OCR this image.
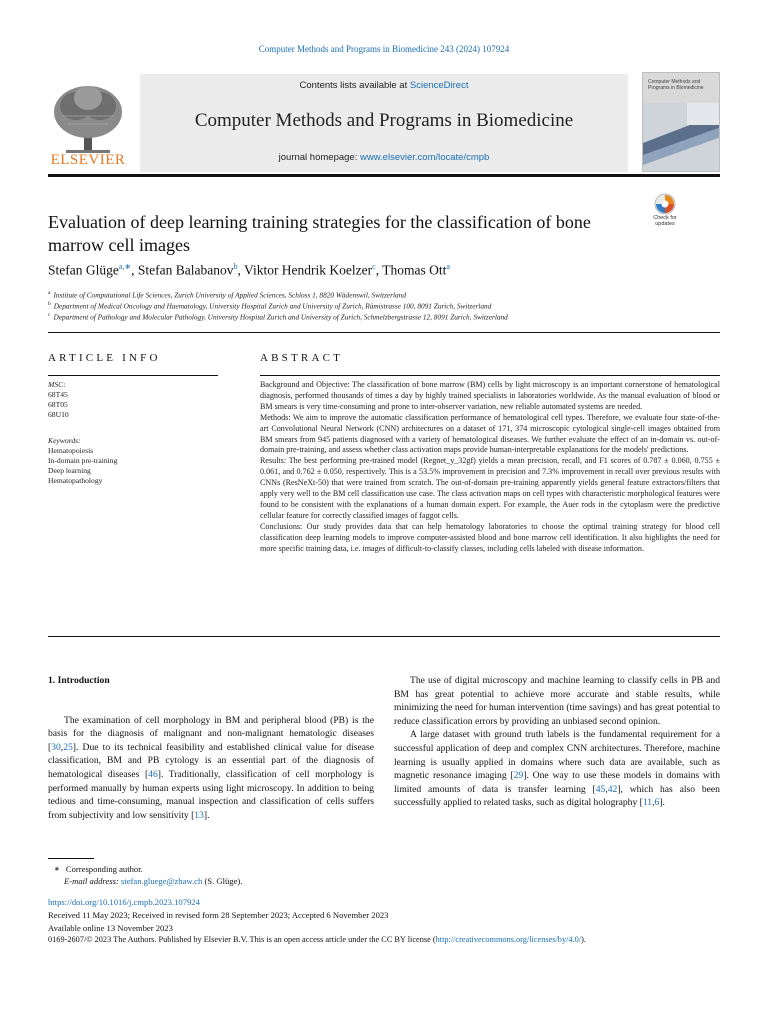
Computer Methods and Programs in Biomedicine 243 (2024) 107924
ELSEVIER
Contents lists available at ScienceDirect
Computer Methods and Programs in Biomedicine
journal homepage: www.elsevier.com/locate/cmpb
Computer Methods and Programs in Biomedicine
Evaluation of deep learning training strategies for the classification of bone marrow cell images
Check for
updates
Stefan Glüge$^{a,∗}$, Stefan Balabanov$^b$, Viktor Hendrik Koelzer$^c$, Thomas Ott$^a$
$^a$ Institute of Computational Life Sciences, Zurich University of Applied Sciences, Schloss 1, 8820 Wädenswil, Switzerland
$^b$ Department of Medical Oncology and Haematology, University Hospital Zurich and University of Zurich, Rämistrasse 100, 8091 Zurich, Switzerland
$^c$ Department of Pathology and Molecular Pathology, University Hospital Zurich and University of Zurich, Schmelzbergstrasse 12, 8091 Zurich, Switzerland
ARTICLE INFO	ABSTRACT
MSC:
68T45
68T05
68U10
Keywords:
Hematopoiesis
In-domain pre-training
Deep learning
Hematopathology
Background and Objective: The classification of bone marrow (BM) cells by light microscopy is an important cornerstone of hematological diagnosis, performed thousands of times a day by highly trained specialists in laboratories worldwide. As the manual evaluation of blood or BM smears is very time-consuming and prone to inter-observer variation, new reliable automated systems are needed.
Methods: We aim to improve the automatic classification performance of hematological cell types. Therefore, we evaluate four state-of-the-art Convolutional Neural Network (CNN) architectures on a dataset of 171, 374 microscopic cytological single-cell images obtained from BM smears from 945 patients diagnosed with a variety of hematological diseases. We further evaluate the effect of an in-domain vs. out-of-domain pre-training, and assess whether class activation maps provide human-interpretable explanations for the models' predictions.
Results: The best performing pre-trained model (Regnet_y_32gf) yields a mean precision, recall, and F1 scores of 0.787 ± 0.060, 0.755 ± 0.061, and 0.762 ± 0.050, respectively. This is a 53.5% improvement in precision and 7.3% improvement in recall over previous results with CNNs (ResNeXt-50) that were trained from scratch. The out-of-domain pre-training apparently yields general feature extractors/filters that apply very well to the BM cell classification use case. The class activation maps on cell types with characteristic morphological features were found to be consistent with the explanations of a human domain expert. For example, the Auer rods in the cytoplasm were the predictive cellular feature for correctly classified images of faggot cells.
Conclusions: Our study provides data that can help hematology laboratories to choose the optimal training strategy for blood cell classification deep learning models to improve computer-assisted blood and bone marrow cell identification. It also highlights the need for more specific training data, i.e. images of difficult-to-classify classes, including cells labeled with disease information.
1. Introduction

The examination of cell morphology in BM and peripheral blood (PB) is the basis for the diagnosis of malignant and non-malignant hematologic diseases [30,25]. Due to its technical feasibility and established clinical value for disease classification, BM and PB cytology is an essential part of the diagnosis of hematological diseases [46]. Traditionally, classification of cell morphology is performed manually by human experts using light microscopy. In addition to being tedious and time-consuming, manual inspection and classification of cells suffers from subjectivity and low sensitivity [13].

The use of digital microscopy and machine learning to classify cells in PB and BM has great potential to achieve more accurate and stable results, while minimizing the need for human intervention (time savings) and has great potential to reduce classification errors by providing an unbiased second opinion.

A large dataset with ground truth labels is the fundamental requirement for a successful application of deep and complex CNN architectures. Therefore, machine learning is usually applied in domains where such data are available, such as magnetic resonance imaging [29]. One way to use these models in domains with limited amounts of data is transfer learning [45,42], which has also been successfully applied to related tasks, such as digital holography [11,6].

∗ Corresponding author.
E-mail address: stefan.gluege@zhaw.ch (S. Glüge).
https://doi.org/10.1016/j.cmpb.2023.107924
Received 11 May 2023; Received in revised form 28 September 2023; Accepted 6 November 2023
Available online 13 November 2023
0169-2607/© 2023 The Authors. Published by Elsevier B.V. This is an open access article under the CC BY license (http://creativecommons.org/licenses/by/4.0/).
